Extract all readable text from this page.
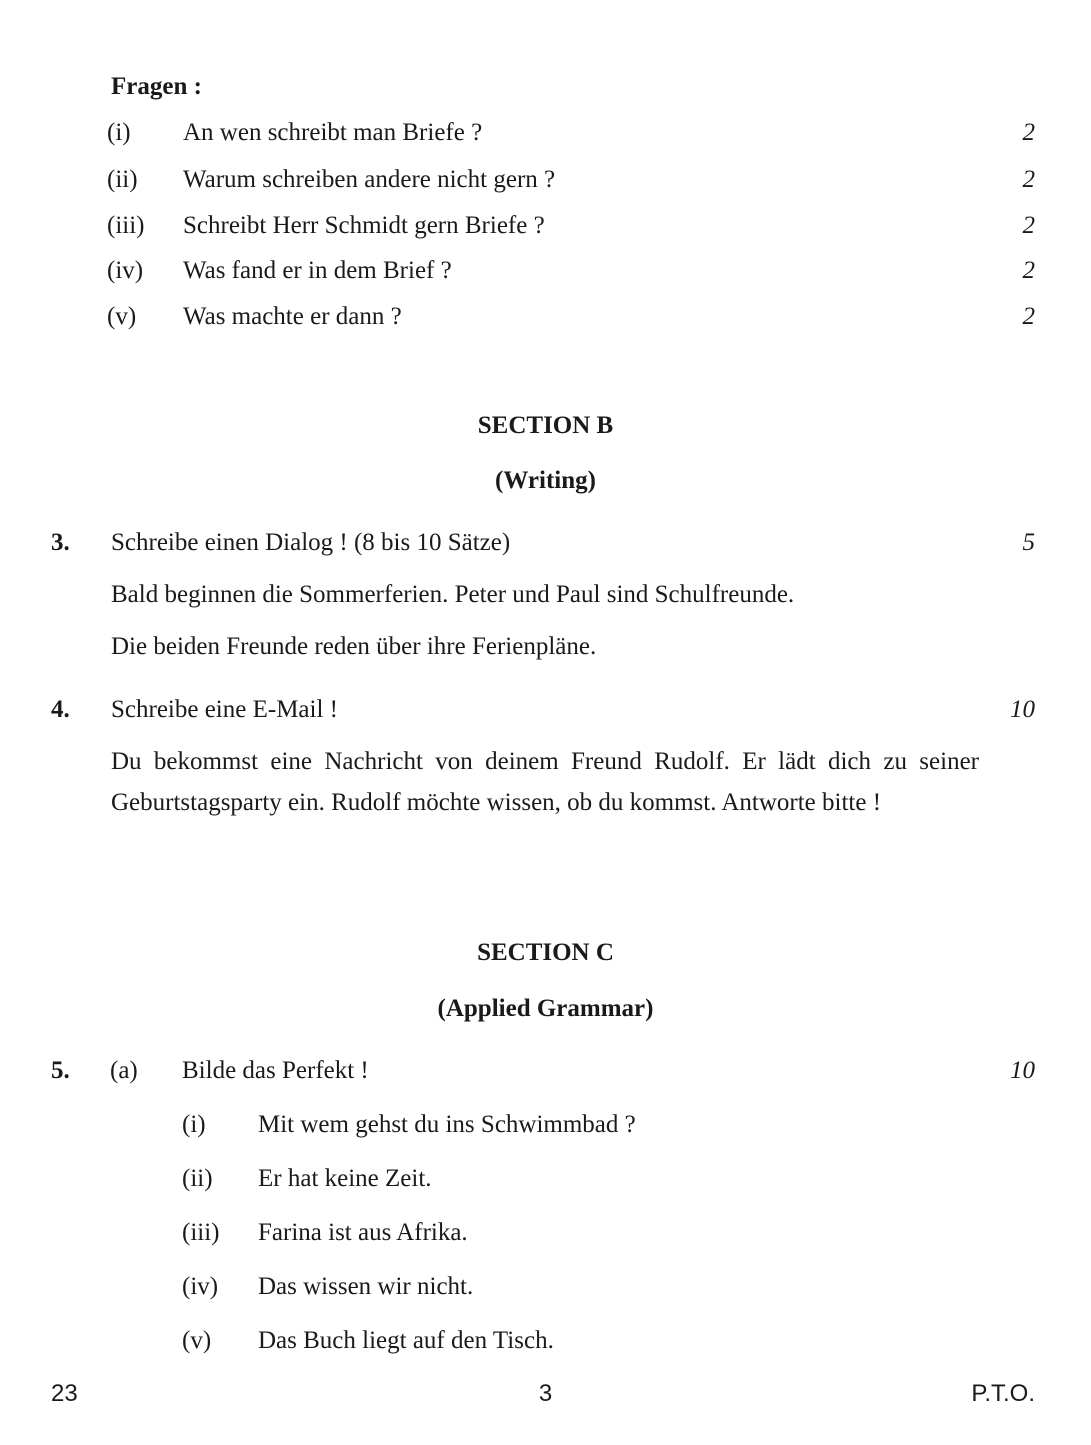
Fragen :
(i) An wen schreibt man Briefe ?	2
(ii) Warum schreiben andere nicht gern ?	2
(iii) Schreibt Herr Schmidt gern Briefe ?	2
(iv) Was fand er in dem Brief ?	2
(v) Was machte er dann ?	2
SECTION B
(Writing)
3. Schreibe einen Dialog ! (8 bis 10 Sätze)	5
Bald beginnen die Sommerferien. Peter und Paul sind Schulfreunde.
Die beiden Freunde reden über ihre Ferienpläne.
4. Schreibe eine E-Mail !	10
Du bekommst eine Nachricht von deinem Freund Rudolf. Er lädt dich zu seiner Geburtstagsparty ein. Rudolf möchte wissen, ob du kommst. Antworte bitte !
SECTION C
(Applied Grammar)
5. (a) Bilde das Perfekt !	10
(i) Mit wem gehst du ins Schwimmbad ?
(ii) Er hat keine Zeit.
(iii) Farina ist aus Afrika.
(iv) Das wissen wir nicht.
(v) Das Buch liegt auf den Tisch.
23	3	P.T.O.
